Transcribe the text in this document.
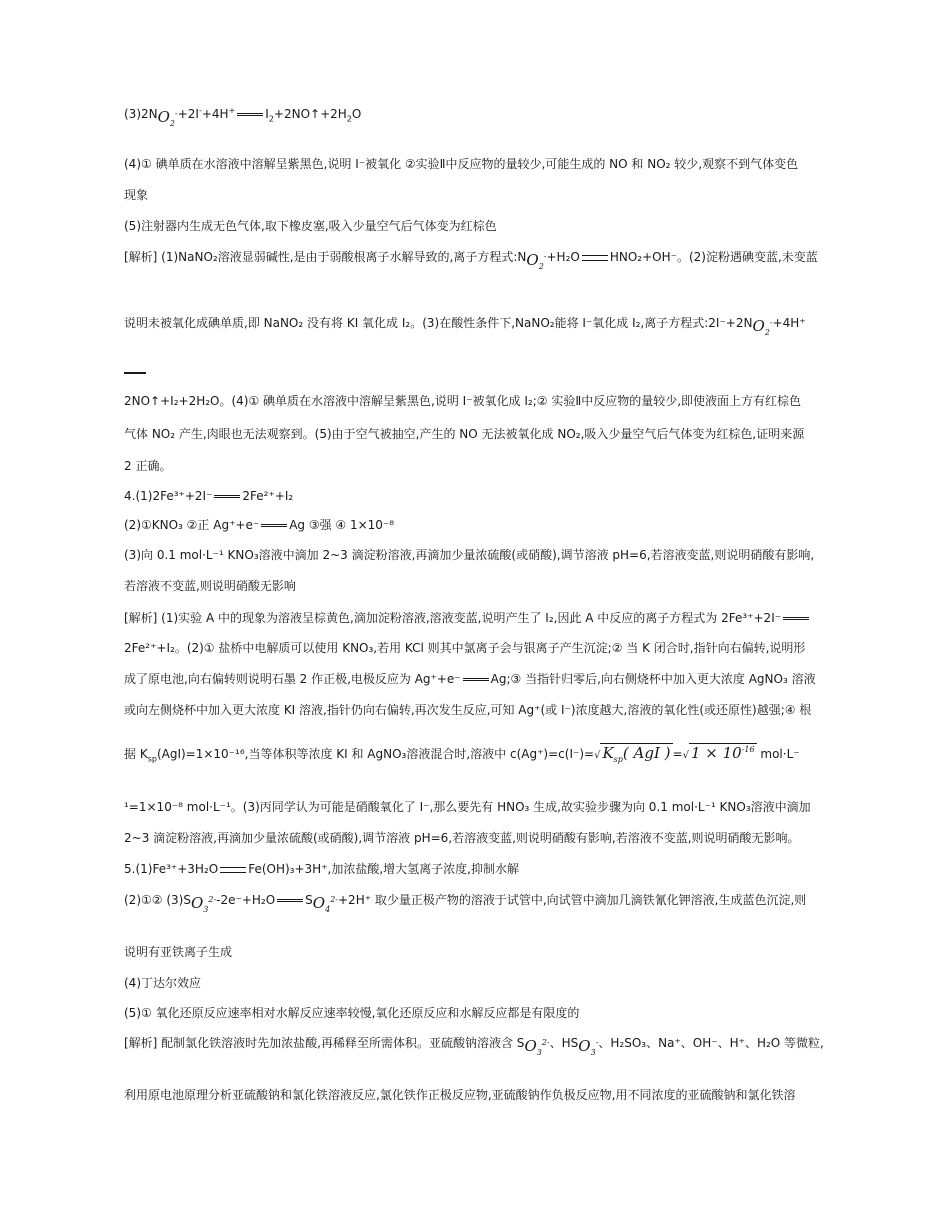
$(3)2NO_2^-+2I^-+4H^+$	$I_2+2NO↑+2H_2O$
(4)① 碘单质在水溶液中溶解呈紫黑色,说明 I⁻被氧化 ②实验Ⅱ中反应物的量较少,可能生成的 NO 和 NO₂ 较少,观察不到气体变色
现象
(5)注射器内生成无色气体,取下橡皮塞,吸入少量空气后气体变为红棕色
[解析] (1)NaNO₂溶液显弱碱性,是由于弱酸根离子水解导致的,离子方程式$:NO_2^-+H_2O$	HNO₂+OH⁻。(2)淀粉遇碘变蓝,未变蓝
说明未被氧化成碘单质,即 NaNO₂ 没有将 KI 氧化成 I₂。(3)在酸性条件下,NaNO₂能将 I⁻氧化成 I₂,离子方程式$:2I^-+2NO_2^-+4H^+$
2NO↑+I₂+2H₂O。(4)① 碘单质在水溶液中溶解呈紫黑色,说明 I⁻被氧化成 I₂;② 实验Ⅱ中反应物的量较少,即使液面上方有红棕色
气体 NO₂ 产生,肉眼也无法观察到。(5)由于空气被抽空,产生的 NO 无法被氧化成 NO₂,吸入少量空气后气体变为红棕色,证明来源
2 正确。
4.(1)2Fe³⁺+2I⁻	2Fe²⁺+I₂
(2)①KNO₃ ②正 Ag⁺+e⁻	Ag ③强 ④ 1×10⁻⁸
(3)向 0.1 mol·L⁻¹ KNO₃溶液中滴加 2~3 滴淀粉溶液,再滴加少量浓硫酸(或硝酸),调节溶液 pH=6,若溶液变蓝,则说明硝酸有影响,
若溶液不变蓝,则说明硝酸无影响
[解析] (1)实验 A 中的现象为溶液呈棕黄色,滴加淀粉溶液,溶液变蓝,说明产生了 I₂,因此 A 中反应的离子方程式为 2Fe³⁺+2I⁻
2Fe²⁺+I₂。(2)① 盐桥中电解质可以使用 KNO₃,若用 KCl 则其中氯离子会与银离子产生沉淀;② 当 K 闭合时,指针向右偏转,说明形
成了原电池,向右偏转则说明石墨 2 作正极,电极反应为 Ag⁺+e⁻	Ag;③ 当指针归零后,向右侧烧杯中加入更大浓度 AgNO₃ 溶液
或向左侧烧杯中加入更大浓度 KI 溶液,指针仍向右偏转,再次发生反应,可知 Ag⁺(或 I⁻)浓度越大,溶液的氧化性(或还原性)越强;④ 根
据 $K_{sp}(AgI)=1\times 10^{-16}$,当等体积等浓度 KI 和 AgNO₃溶液混合时,溶液中 c(Ag⁺)=c(I⁻)=√ $K_{sp}$( AgI ) =√ $1 \times 10^{-16}$ mol·L⁻
¹=1×10⁻⁸ mol·L⁻¹。(3)丙同学认为可能是硝酸氧化了 I⁻,那么要先有 HNO₃ 生成,故实验步骤为向 0.1 mol·L⁻¹ KNO₃溶液中滴加
2~3 滴淀粉溶液,再滴加少量浓硫酸(或硝酸),调节溶液 pH=6,若溶液变蓝,则说明硝酸有影响,若溶液不变蓝,则说明硝酸无影响。
5.(1)Fe³⁺+3H₂O	Fe(OH)₃+3H⁺,加浓盐酸,增大氢离子浓度,抑制水解
(2)①② $(3)SO_3^{2-}-2e^-+H_2O$	$SO_4^{2-}+2H^+$ 取少量正极产物的溶液于试管中,向试管中滴加几滴铁氰化钾溶液,生成蓝色沉淀,则
说明有亚铁离子生成
(4)丁达尔效应
(5)① 氧化还原反应速率相对水解反应速率较慢,氧化还原反应和水解反应都是有限度的
[解析] 配制氯化铁溶液时先加浓盐酸,再稀释至所需体积。亚硫酸钠溶液含 $SO_3^{2-}$、$HSO_3^-$、H₂SO₃、Na⁺、OH⁻、H⁺、H₂O 等微粒,
利用原电池原理分析亚硫酸钠和氯化铁溶液反应,氯化铁作正极反应物,亚硫酸钠作负极反应物,用不同浓度的亚硫酸钠和氯化铁溶
